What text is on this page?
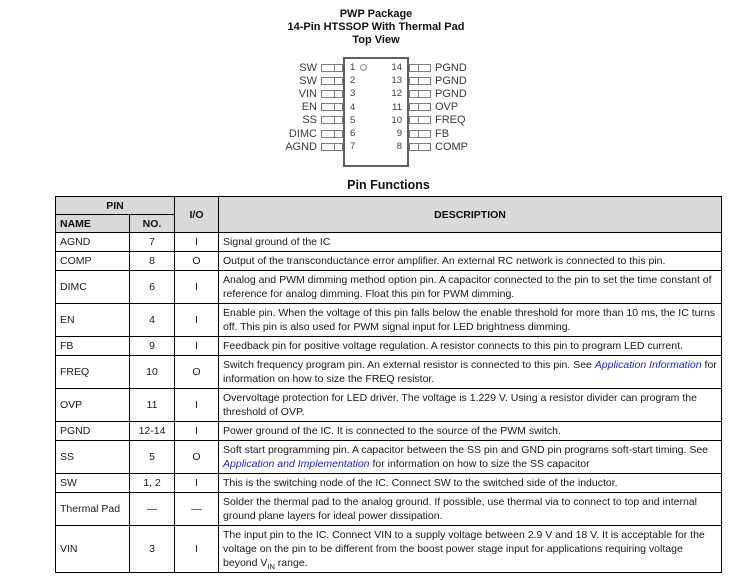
PWP Package
14-Pin HTSSOP With Thermal Pad
Top View
SW
SW
VIN
EN
SS
DIMC
AGND
1
2
3
4
5
6
7
14
13
12
11
10
9
8
PGND
PGND
PGND
OVP
FREQ
FB
COMP
Pin Functions
PIN		I/O	DESCRIPTION
NAME	NO.		
AGND	7	I	Signal ground of the IC
COMP	8	O	Output of the transconductance error amplifier. An external RC network is connected to this pin.
DIMC	6	I	Analog and PWM dimming method option pin. A capacitor connected to the pin to set the time constant of reference for analog dimming. Float this pin for PWM dimming.
EN	4	I	Enable pin. When the voltage of this pin falls below the enable threshold for more than 10 ms, the IC turns off. This pin is also used for PWM signal input for LED brightness dimming.
FB	9	I	Feedback pin for positive voltage regulation. A resistor connects to this pin to program LED current.
FREQ	10	O	Switch frequency program pin. An external resistor is connected to this pin. See Application Information for information on how to size the FREQ resistor.
OVP	11	I	Overvoltage protection for LED driver. The voltage is 1.229 V. Using a resistor divider can program the threshold of OVP.
PGND	12-14	I	Power ground of the IC. It is connected to the source of the PWM switch.
SS	5	O	Soft start programming pin. A capacitor between the SS pin and GND pin programs soft-start timing. See Application and Implementation for information on how to size the SS capacitor
SW	1, 2	I	This is the switching node of the IC. Connect SW to the switched side of the inductor.
Thermal Pad	—	—	Solder the thermal pad to the analog ground. If possible, use thermal via to connect to top and internal ground plane layers for ideal power dissipation.
VIN	3	I	The input pin to the IC. Connect VIN to a supply voltage between 2.9 V and 18 V. It is acceptable for the voltage on the pin to be different from the boost power stage input for applications requiring voltage beyond $V_{IN}$ range.
